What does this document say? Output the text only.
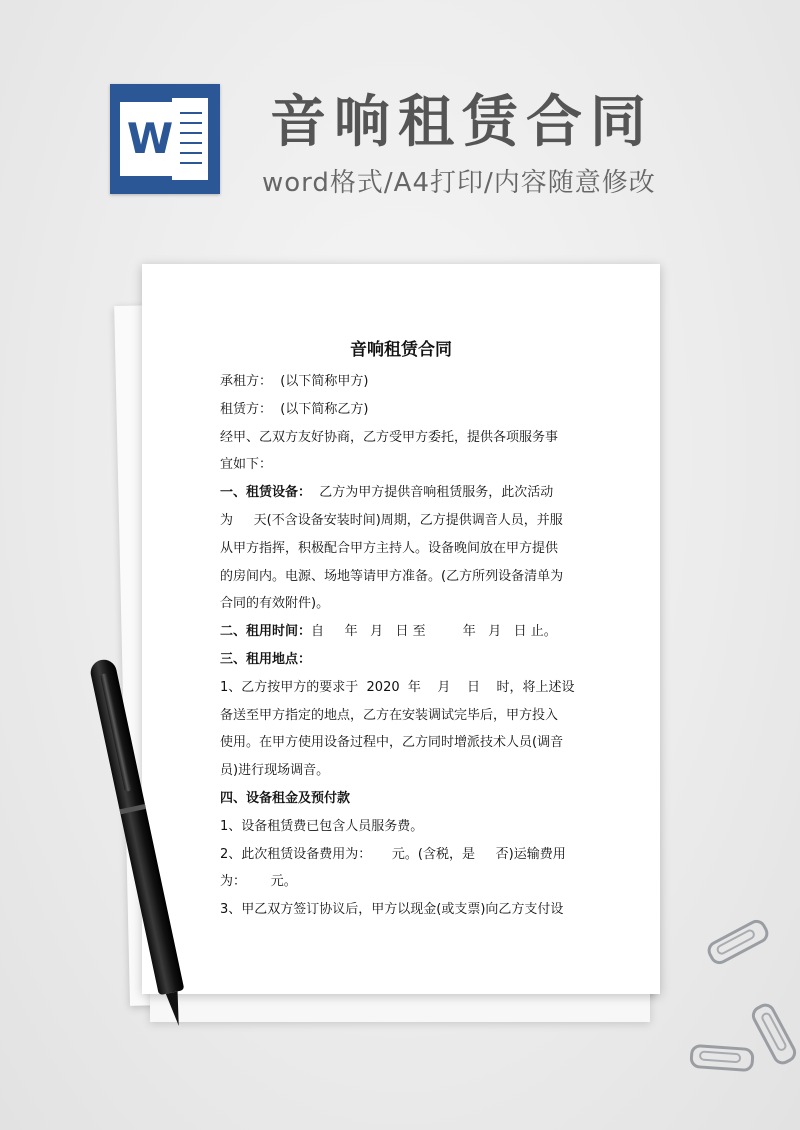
W 音响租赁合同
word格式/A4打印/内容随意修改
音响租赁合同
承租方：  (以下简称甲方)
租赁方：  (以下简称乙方)
经甲、乙双方友好协商，乙方受甲方委托，提供各项服务事
宜如下：
一、租赁设备：  乙方为甲方提供音响租赁服务，此次活动
为     天(不含设备安装时间)周期，乙方提供调音人员，并服
从甲方指挥，积极配合甲方主持人。设备晚间放在甲方提供
的房间内。电源、场地等请甲方准备。(乙方所列设备清单为
合同的有效附件)。
二、租用时间：自     年   月   日 至         年   月   日 止。
三、租用地点：
1、乙方按甲方的要求于  2020  年    月    日    时，将上述设
备送至甲方指定的地点，乙方在安装调试完毕后，甲方投入
使用。在甲方使用设备过程中，乙方同时增派技术人员(调音
员)进行现场调音。
四、设备租金及预付款
1、设备租赁费已包含人员服务费。
2、此次租赁设备费用为：     元。(含税，是     否)运输费用
为：      元。
3、甲乙双方签订协议后，甲方以现金(或支票)向乙方支付设
